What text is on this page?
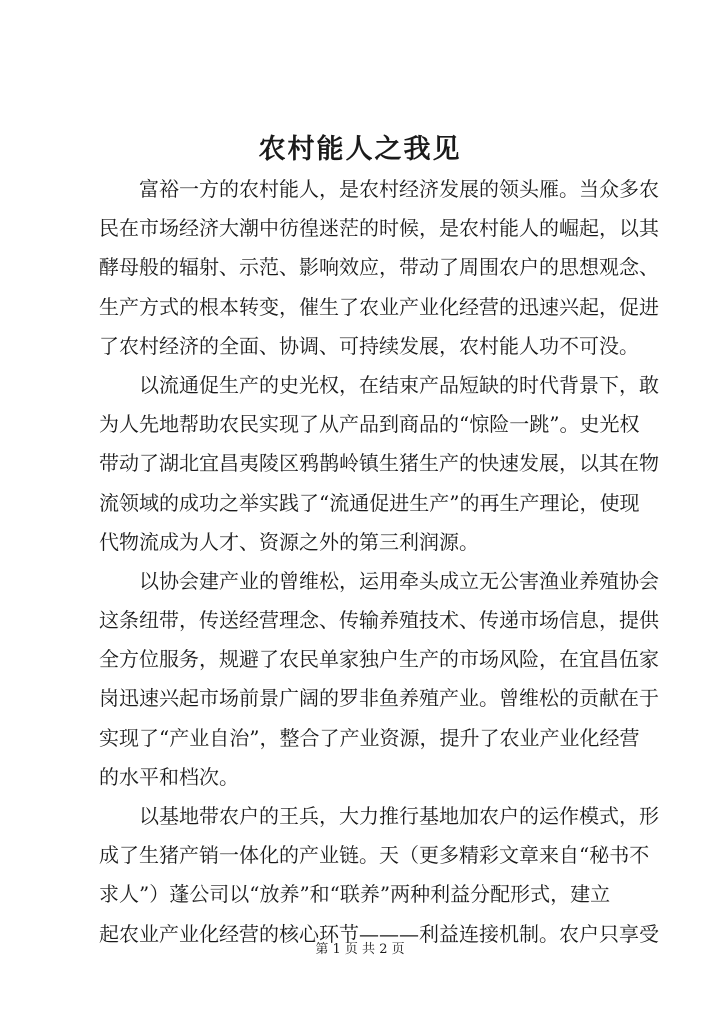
农村能人之我见
富裕一方的农村能人，是农村经济发展的领头雁。当众多农
民在市场经济大潮中彷徨迷茫的时候，是农村能人的崛起，以其
酵母般的辐射、示范、影响效应，带动了周围农户的思想观念、
生产方式的根本转变，催生了农业产业化经营的迅速兴起，促进
了农村经济的全面、协调、可持续发展，农村能人功不可没。
以流通促生产的史光权，在结束产品短缺的时代背景下，敢
为人先地帮助农民实现了从产品到商品的“惊险一跳”。史光权
带动了湖北宜昌夷陵区鸦鹊岭镇生猪生产的快速发展，以其在物
流领域的成功之举实践了“流通促进生产”的再生产理论，使现
代物流成为人才、资源之外的第三利润源。
以协会建产业的曾维松，运用牵头成立无公害渔业养殖协会
这条纽带，传送经营理念、传输养殖技术、传递市场信息，提供
全方位服务，规避了农民单家独户生产的市场风险，在宜昌伍家
岗迅速兴起市场前景广阔的罗非鱼养殖产业。曾维松的贡献在于
实现了“产业自治”，整合了产业资源，提升了农业产业化经营
的水平和档次。
以基地带农户的王兵，大力推行基地加农户的运作模式，形
成了生猪产销一体化的产业链。天（更多精彩文章来自“秘书不
求人”）蓬公司以“放养”和“联养”两种利益分配形式，建立
起农业产业化经营的核心环节———利益连接机制。农户只享受
第 1 页 共 2 页
